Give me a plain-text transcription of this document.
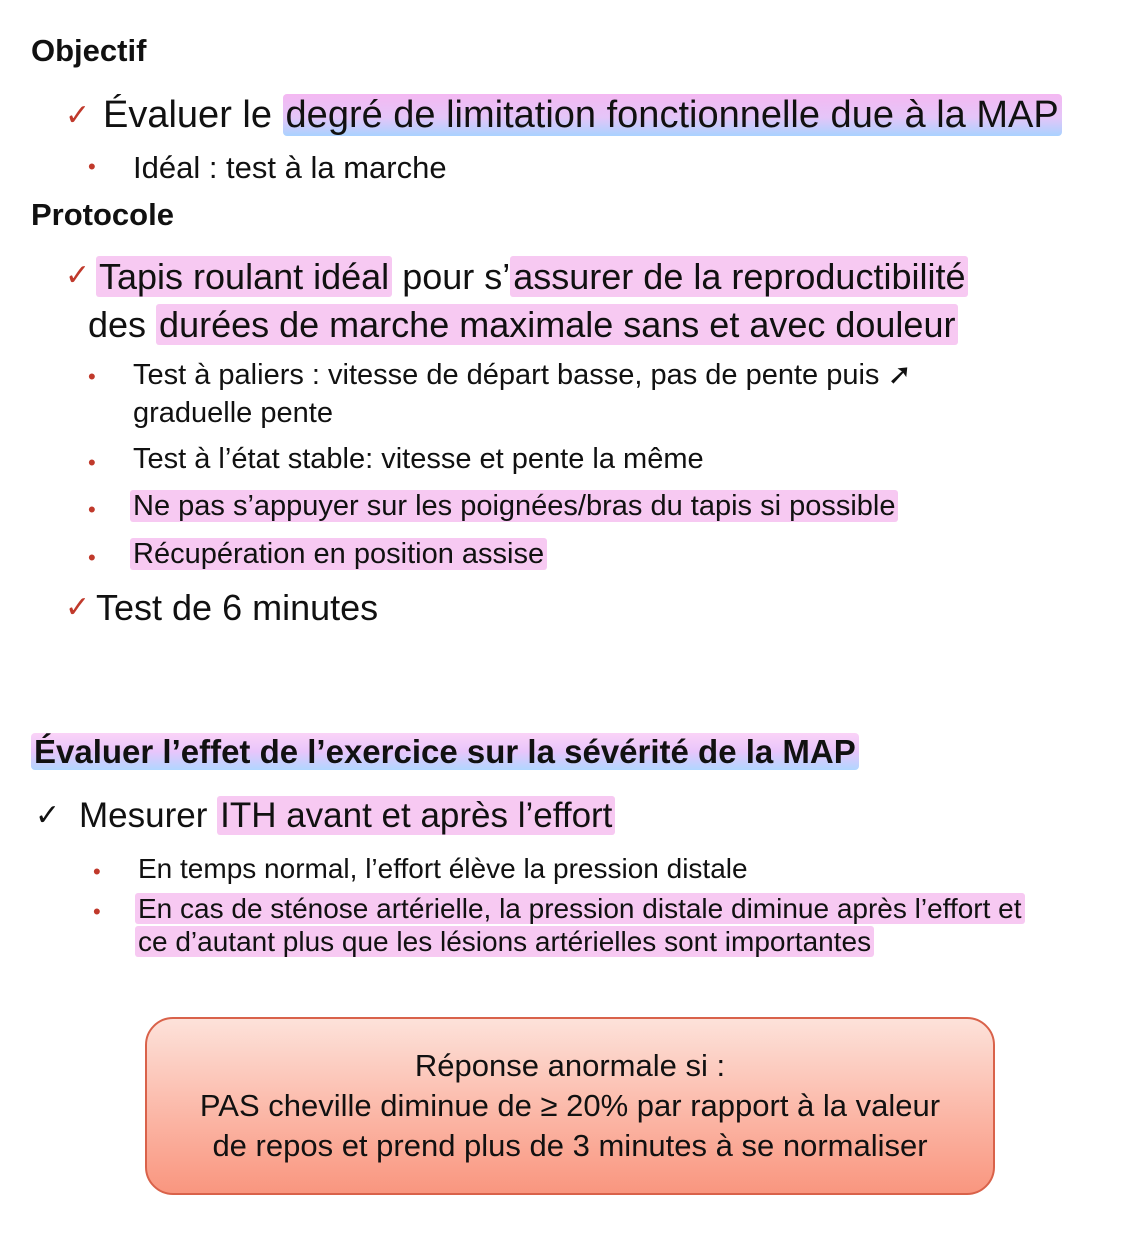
Objectif
✓ Évaluer le degré de limitation fonctionnelle due à la MAP
• Idéal : test à la marche
Protocole
✓ Tapis roulant idéal pour s’assurer de la reproductibilité
des durées de marche maximale sans et avec douleur
• Test à paliers : vitesse de départ basse, pas de pente puis ➚
graduelle pente
• Test à l’état stable: vitesse et pente la même
• Ne pas s’appuyer sur les poignées/bras du tapis si possible
• Récupération en position assise
✓ Test de 6 minutes
Évaluer l’effet de l’exercice sur la sévérité de la MAP
✓ Mesurer ITH avant et après l’effort
• En temps normal, l’effort élève la pression distale
• En cas de sténose artérielle, la pression distale diminue après l’effort et
ce d’autant plus que les lésions artérielles sont importantes
Réponse anormale si :
PAS cheville diminue de ≥ 20% par rapport à la valeur
de repos et prend plus de 3 minutes à se normaliser
